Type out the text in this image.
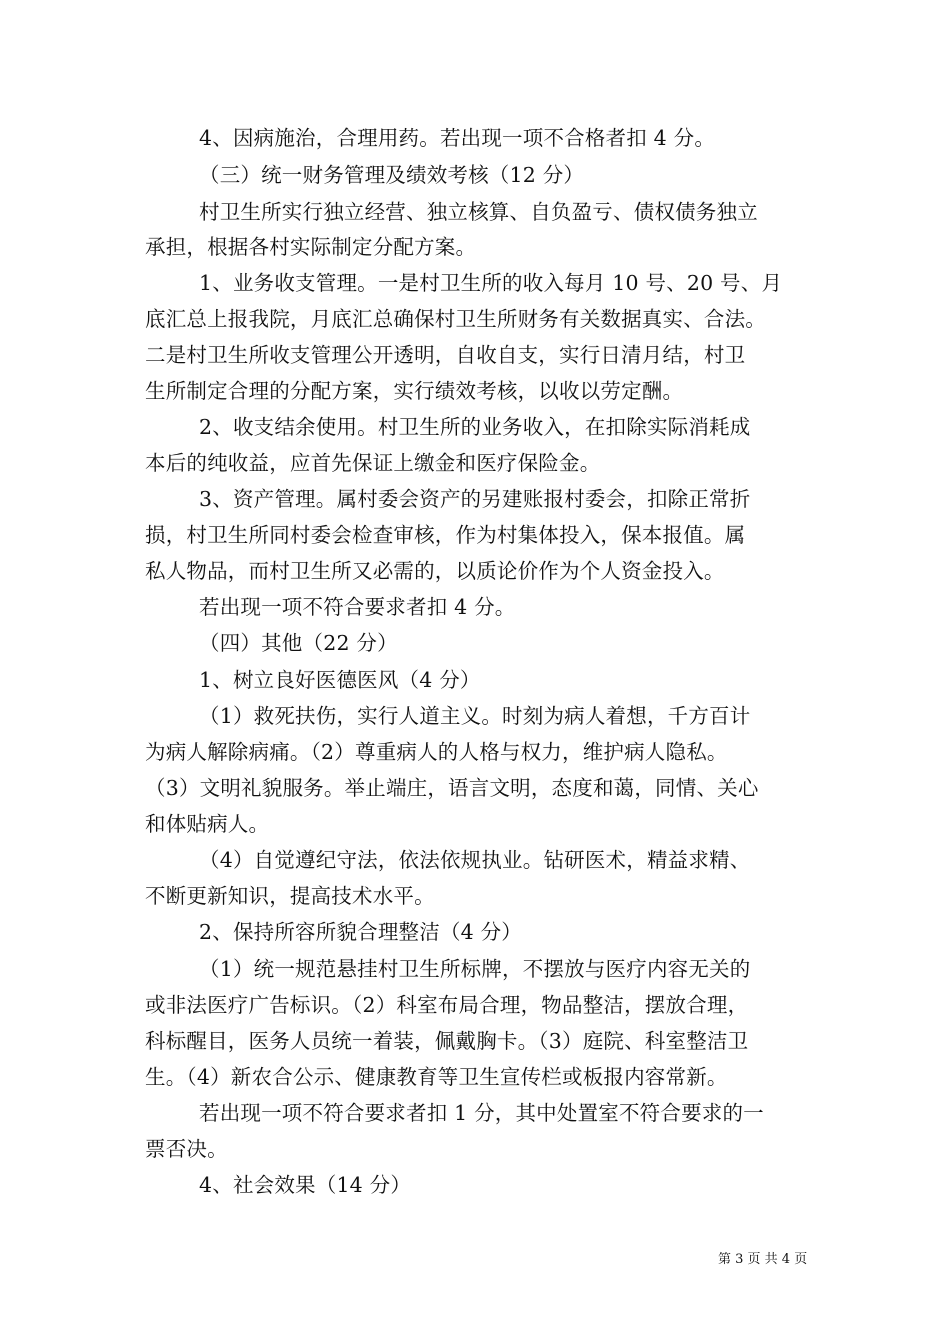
4、因病施治，合理用药。若出现一项不合格者扣 4 分。
（三）统一财务管理及绩效考核（12 分）
村卫生所实行独立经营、独立核算、自负盈亏、债权债务独立
承担，根据各村实际制定分配方案。
1、业务收支管理。一是村卫生所的收入每月 10 号、20 号、月
底汇总上报我院，月底汇总确保村卫生所财务有关数据真实、合法。
二是村卫生所收支管理公开透明，自收自支，实行日清月结，村卫
生所制定合理的分配方案，实行绩效考核，以收以劳定酬。
2、收支结余使用。村卫生所的业务收入，在扣除实际消耗成
本后的纯收益，应首先保证上缴金和医疗保险金。
3、资产管理。属村委会资产的另建账报村委会，扣除正常折
损，村卫生所同村委会检查审核，作为村集体投入，保本报值。属
私人物品，而村卫生所又必需的，以质论价作为个人资金投入。
若出现一项不符合要求者扣 4 分。
（四）其他（22 分）
1、树立良好医德医风（4 分）
（1）救死扶伤，实行人道主义。时刻为病人着想，千方百计
为病人解除病痛。（2）尊重病人的人格与权力，维护病人隐私。
（3）文明礼貌服务。举止端庄，语言文明，态度和蔼，同情、关心
和体贴病人。
（4）自觉遵纪守法，依法依规执业。钻研医术，精益求精、
不断更新知识，提高技术水平。
2、保持所容所貌合理整洁（4 分）
（1）统一规范悬挂村卫生所标牌，不摆放与医疗内容无关的
或非法医疗广告标识。（2）科室布局合理，物品整洁，摆放合理，
科标醒目，医务人员统一着装，佩戴胸卡。（3）庭院、科室整洁卫
生。（4）新农合公示、健康教育等卫生宣传栏或板报内容常新。
若出现一项不符合要求者扣 1 分，其中处置室不符合要求的一
票否决。
4、社会效果（14 分）
第 3 页 共 4 页
